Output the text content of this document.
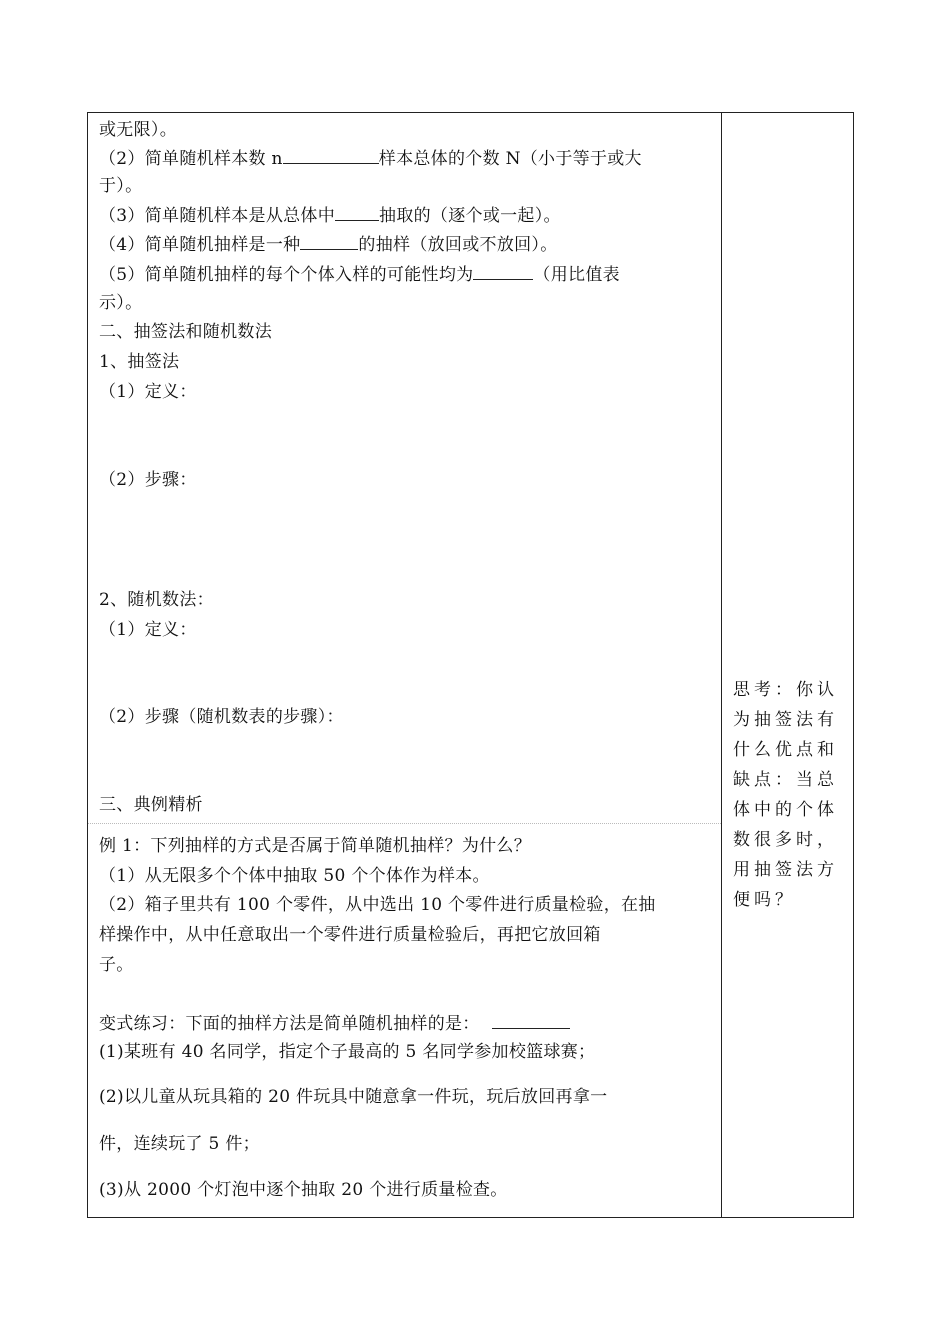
或无限）。
（2）简单随机样本数 n	样本总体的个数 N（小于等于或大
于）。
（3）简单随机样本是从总体中	抽取的（逐个或一起）。
（4）简单随机抽样是一种	的抽样（放回或不放回）。
（5）简单随机抽样的每个个体入样的可能性均为	（用比值表
示）。
二、抽签法和随机数法
1、抽签法
（1）定义：
（2）步骤：
2、随机数法：
（1）定义：
（2）步骤（随机数表的步骤）：
三、典例精析
例 1：下列抽样的方式是否属于简单随机抽样？为什么？
（1）从无限多个个体中抽取 50 个个体作为样本。
（2）箱子里共有 100 个零件，从中选出 10 个零件进行质量检验，在抽
样操作中，从中任意取出一个零件进行质量检验后，再把它放回箱
子。
变式练习：下面的抽样方法是简单随机抽样的是：
(1)某班有 40 名同学，指定个子最高的 5 名同学参加校篮球赛；
(2)以儿童从玩具箱的 20 件玩具中随意拿一件玩，玩后放回再拿一
件，连续玩了 5 件；
(3)从 2000 个灯泡中逐个抽取 20 个进行质量检查。
思考：你认
为抽签法有
什么优点和
缺点：当总
体中的个体
数很多时，
用抽签法方
便吗？
